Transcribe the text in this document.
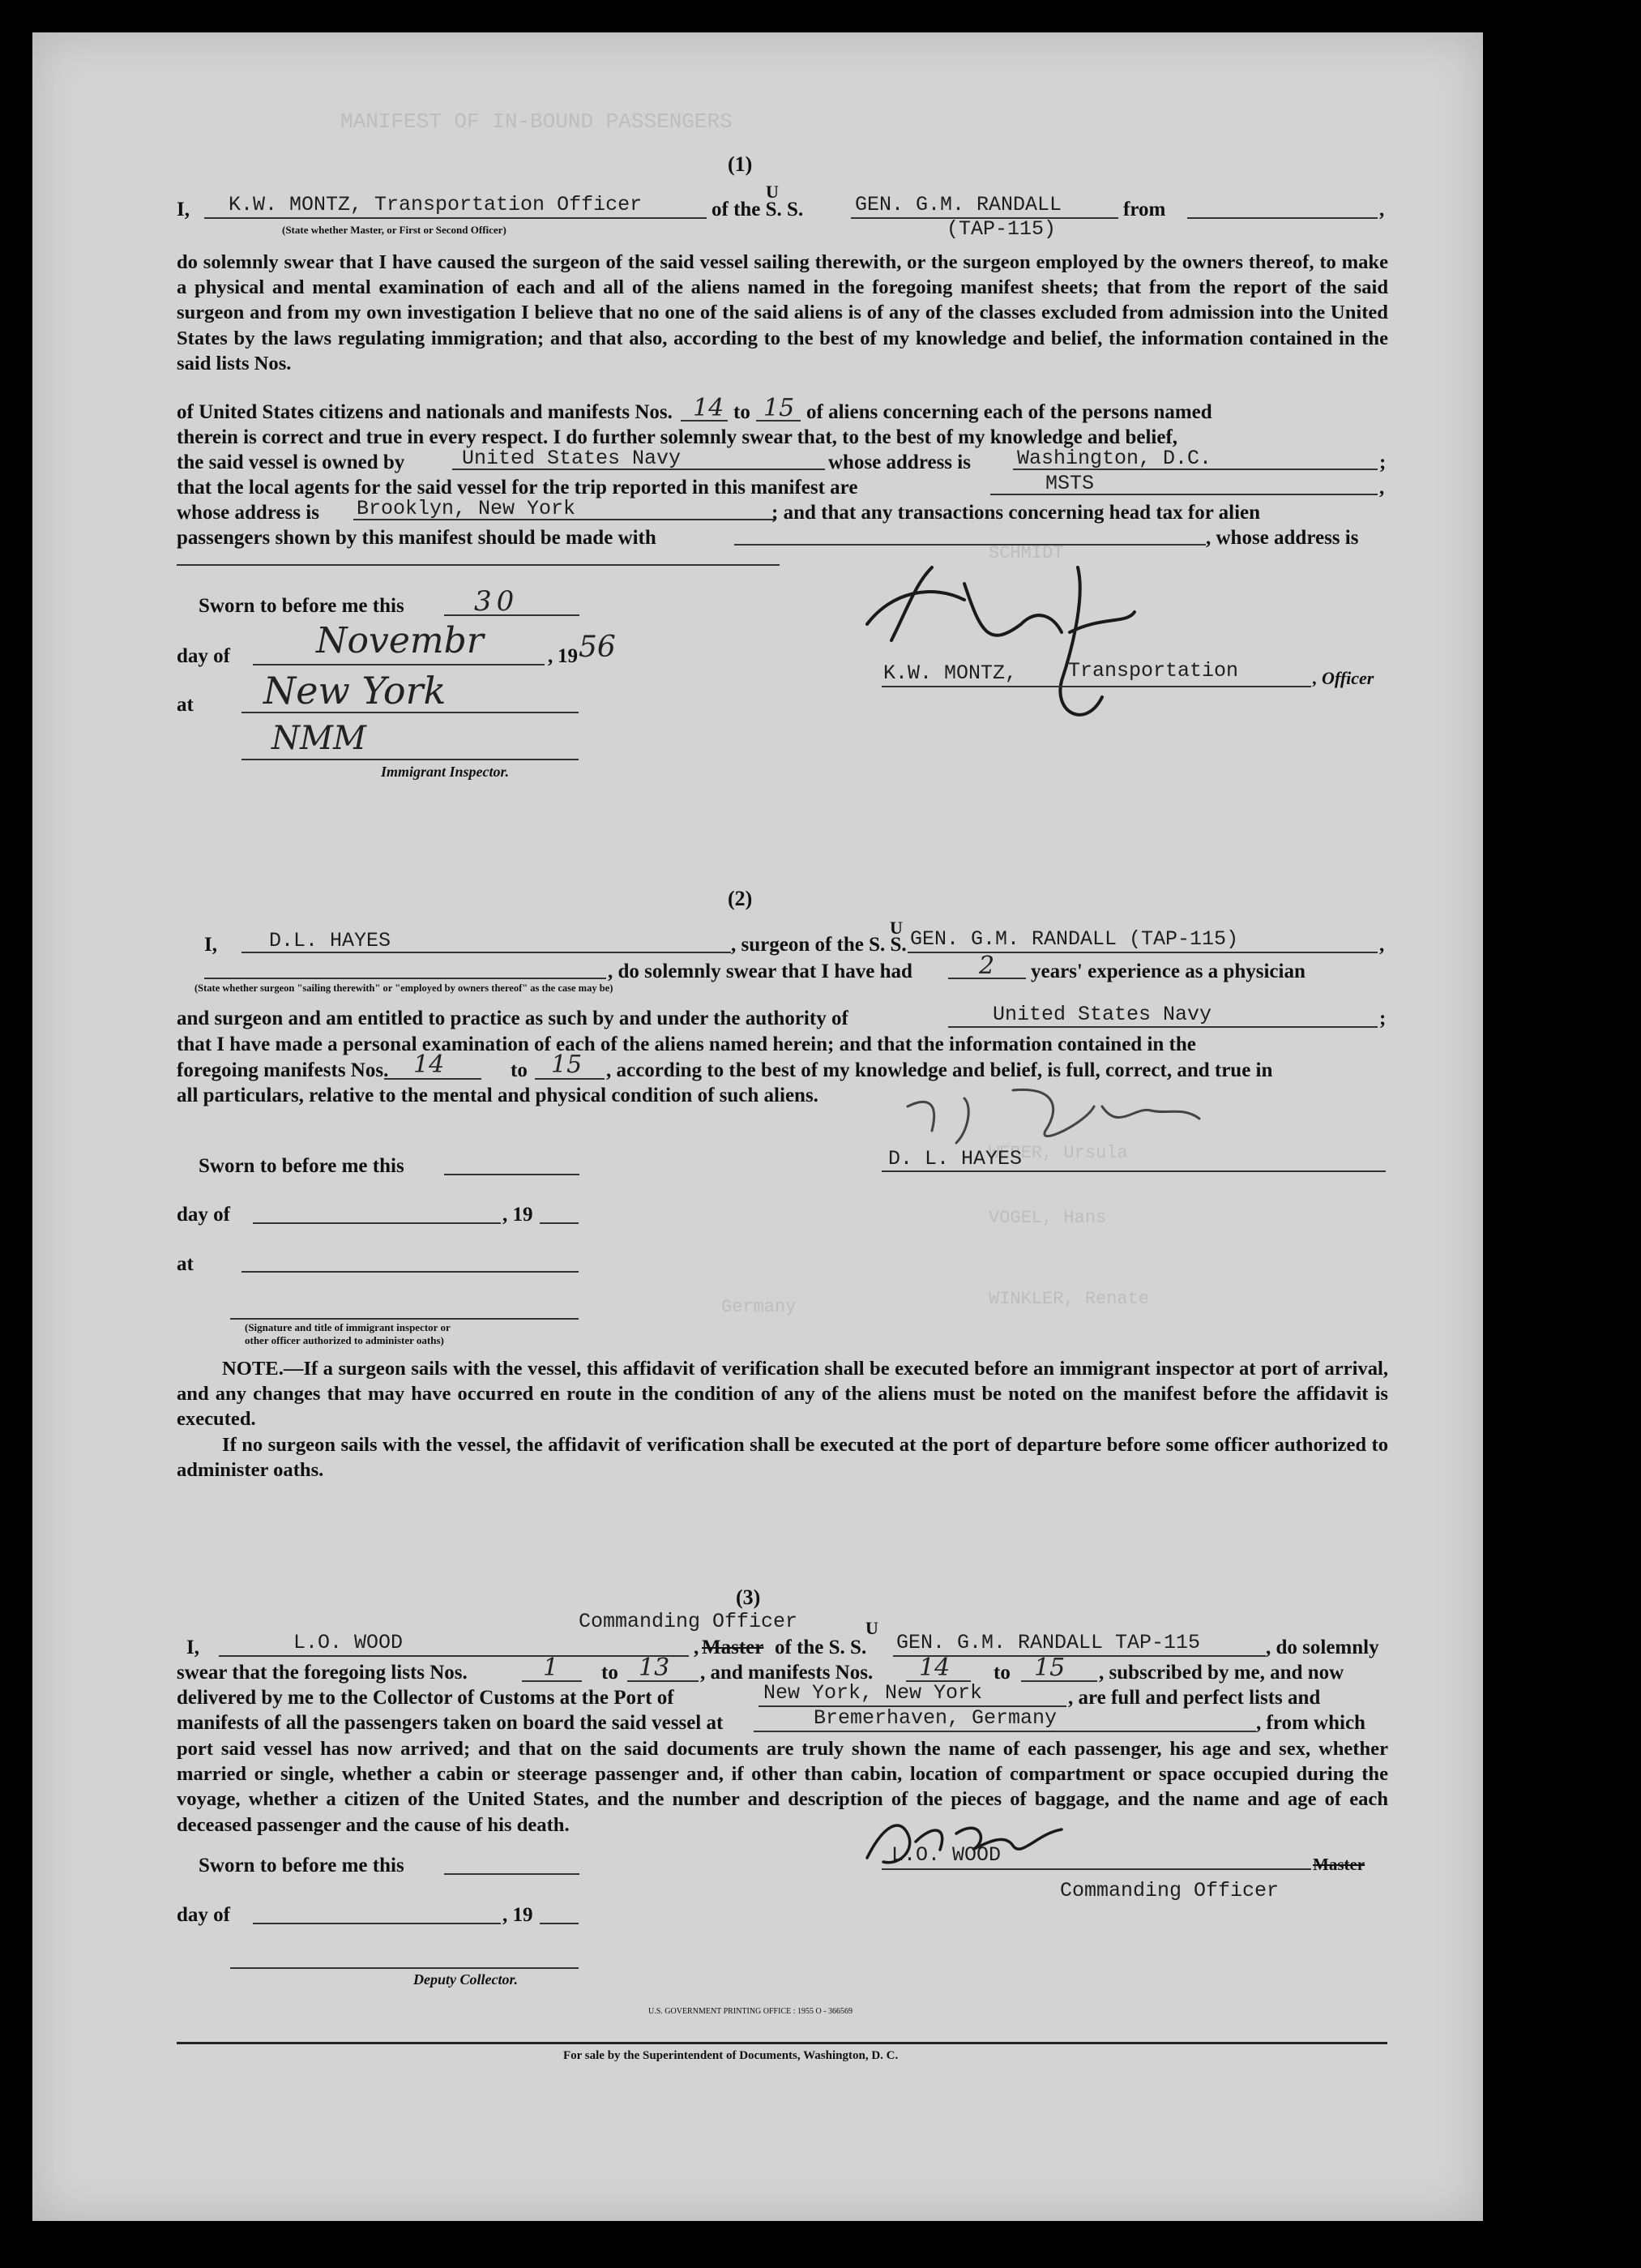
MANIFEST OF IN-BOUND PASSENGERS
SCHMIDT
WEBER, Ursula
VOGEL, Hans
WINKLER, Renate
Germany
(1)
I, K.W. MONTZ, Transportation Officer
(State whether Master, or First or Second Officer)
of the S. S.
U
GEN. G.M. RANDALL
(TAP-115)
from	,
do solemnly swear that I have caused the surgeon of the said vessel sailing therewith, or the surgeon employed by the owners thereof, to make a physical and mental examination of each and all of the aliens named in the foregoing manifest sheets; that from the report of the said surgeon and from my own investigation I believe that no one of the said aliens is of any of the classes excluded from admission into the United States by the laws regulating immigration; and that also, according to the best of my knowledge and belief, the information contained in the said lists Nos.
of United States citizens and nationals and manifests Nos. 14 to 15 of aliens concerning each of the persons named
therein is correct and true in every respect. I do further solemnly swear that, to the best of my knowledge and belief,
the said vessel is owned by	United States Navy	whose address is Washington, D.C.	;
that the local agents for the said vessel for the trip reported in this manifest are	MSTS	,
whose address is Brooklyn, New York	; and that any transactions concerning head tax for alien
passengers shown by this manifest should be made with	, whose address is
Sworn to before me this	30
day of Novembr	, 19 56
at New York
NMM
Immigrant Inspector.
K.W. MONTZ,	Transportation	, Officer
(2)
I,	D.L. HAYES	, surgeon of the S. S.
U GEN. G.M. RANDALL (TAP-115)	,
, do solemnly swear that I have had	2 years' experience as a physician
(State whether surgeon "sailing therewith" or "employed by owners thereof" as the case may be)
and surgeon and am entitled to practice as such by and under the authority of	United States Navy	;
that I have made a personal examination of each of the aliens named herein; and that the information contained in the
foregoing manifests Nos. 14	to 15 , according to the best of my knowledge and belief, is full, correct, and true in
all particulars, relative to the mental and physical condition of such aliens.
Sworn to before me this	D. L. HAYES
day of	, 19
at
(Signature and title of immigrant inspector or
other officer authorized to administer oaths)
NOTE.—If a surgeon sails with the vessel, this affidavit of verification shall be executed before an immigrant inspector at port of arrival, and any changes that may have occurred en route in the condition of any of the aliens must be noted on the manifest before the affidavit is executed.
If no surgeon sails with the vessel, the affidavit of verification shall be executed at the port of departure before some officer authorized to administer oaths.
(3)
Commanding Officer
I,	L.O. WOOD	, Master of the S. S.
U
GEN. G.M. RANDALL TAP-115	, do solemnly
swear that the foregoing lists Nos.	1 to 13 , and manifests Nos. 14 to 15 , subscribed by me, and now
delivered by me to the Collector of Customs at the Port of	New York, New York	, are full and perfect lists and
manifests of all the passengers taken on board the said vessel at	Bremerhaven, Germany	, from which
port said vessel has now arrived; and that on the said documents are truly shown the name of each passenger, his age and sex, whether married or single, whether a cabin or steerage passenger and, if other than cabin, location of compartment or space occupied during the voyage, whether a citizen of the United States, and the number and description of the pieces of baggage, and the name and age of each deceased passenger and the cause of his death.
Sworn to before me this	L.O. WOOD	Master
Commanding Officer
day of	, 19
Deputy Collector.
U.S. GOVERNMENT PRINTING OFFICE : 1955 O - 366569
For sale by the Superintendent of Documents, Washington, D. C.
